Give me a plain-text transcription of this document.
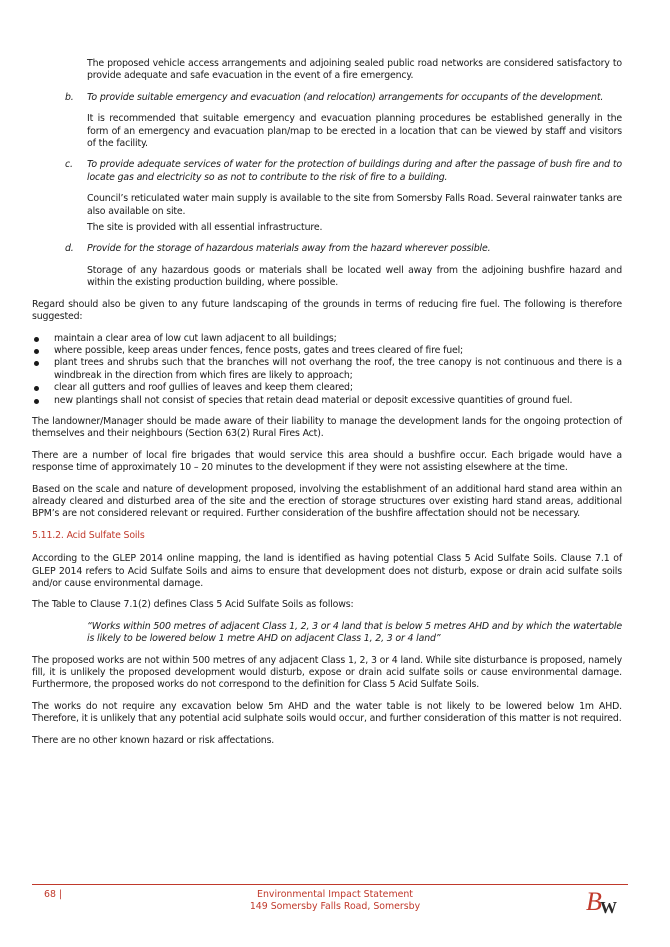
The proposed vehicle access arrangements and adjoining sealed public road networks are considered satisfactory to provide adequate and safe evacuation in the event of a fire emergency.

b. To provide suitable emergency and evacuation (and relocation) arrangements for occupants of the development.

It is recommended that suitable emergency and evacuation planning procedures be established generally in the form of an emergency and evacuation plan/map to be erected in a location that can be viewed by staff and visitors of the facility.

c. To provide adequate services of water for the protection of buildings during and after the passage of bush fire and to locate gas and electricity so as not to contribute to the risk of fire to a building.

Council’s reticulated water main supply is available to the site from Somersby Falls Road. Several rainwater tanks are also available on site.

The site is provided with all essential infrastructure.

d. Provide for the storage of hazardous materials away from the hazard wherever possible.

Storage of any hazardous goods or materials shall be located well away from the adjoining bushfire hazard and within the existing production building, where possible.

Regard should also be given to any future landscaping of the grounds in terms of reducing fire fuel. The following is therefore suggested:

maintain a clear area of low cut lawn adjacent to all buildings;
where possible, keep areas under fences, fence posts, gates and trees cleared of fire fuel;
plant trees and shrubs such that the branches will not overhang the roof, the tree canopy is not continuous and there is a windbreak in the direction from which fires are likely to approach;
clear all gutters and roof gullies of leaves and keep them cleared;
new plantings shall not consist of species that retain dead material or deposit excessive quantities of ground fuel.

The landowner/Manager should be made aware of their liability to manage the development lands for the ongoing protection of themselves and their neighbours (Section 63(2) Rural Fires Act).

There are a number of local fire brigades that would service this area should a bushfire occur. Each brigade would have a response time of approximately 10 – 20 minutes to the development if they were not assisting elsewhere at the time.

Based on the scale and nature of development proposed, involving the establishment of an additional hard stand area within an already cleared and disturbed area of the site and the erection of storage structures over existing hard stand areas, additional BPM’s are not considered relevant or required. Further consideration of the bushfire affectation should not be necessary.

5.11.2. Acid Sulfate Soils

According to the GLEP 2014 online mapping, the land is identified as having potential Class 5 Acid Sulfate Soils. Clause 7.1 of GLEP 2014 refers to Acid Sulfate Soils and aims to ensure that development does not disturb, expose or drain acid sulfate soils and/or cause environmental damage.

The Table to Clause 7.1(2) defines Class 5 Acid Sulfate Soils as follows:

“Works within 500 metres of adjacent Class 1, 2, 3 or 4 land that is below 5 metres AHD and by which the watertable is likely to be lowered below 1 metre AHD on adjacent Class 1, 2, 3 or 4 land”

The proposed works are not within 500 metres of any adjacent Class 1, 2, 3 or 4 land. While site disturbance is proposed, namely fill, it is unlikely the proposed development would disturb, expose or drain acid sulfate soils or cause environmental damage. Furthermore, the proposed works do not correspond to the definition for Class 5 Acid Sulfate Soils.

The works do not require any excavation below 5m AHD and the water table is not likely to be lowered below 1m AHD. Therefore, it is unlikely that any potential acid sulphate soils would occur, and further consideration of this matter is not required.

There are no other known hazard or risk affectations.

68 |	Environmental Impact Statement
149 Somersby Falls Road, Somersby	B
W
